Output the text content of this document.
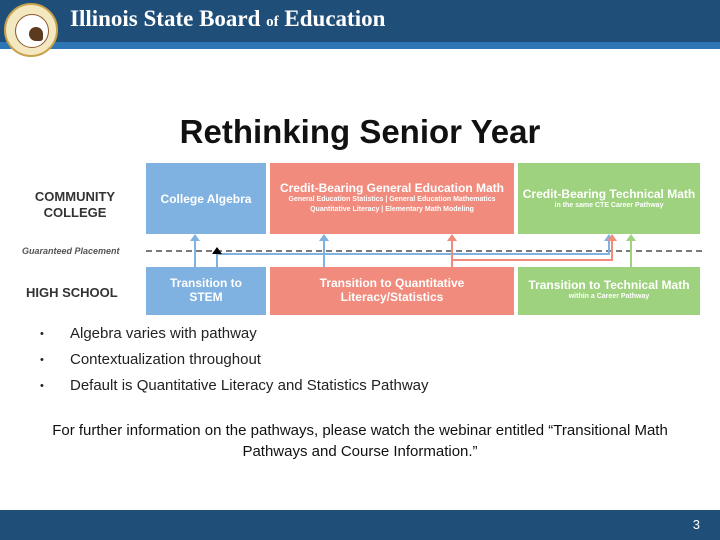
Illinois State Board of Education
Rethinking Senior Year
COMMUNITY
COLLEGE
Guaranteed Placement
HIGH SCHOOL
College Algebra
Credit-Bearing General Education Math
General Education Statistics | General Education Mathematics
Quantitative Literacy | Elementary Math Modeling
Credit-Bearing Technical Math
in the same CTE Career Pathway
Transition to
STEM
Transition to Quantitative
Literacy/Statistics
Transition to Technical Math
within a Career Pathway
• Algebra varies with pathway
• Contextualization throughout
• Default is Quantitative Literacy and Statistics Pathway
For further information on the pathways, please watch the webinar entitled “Transitional Math Pathways and Course Information.”
3
